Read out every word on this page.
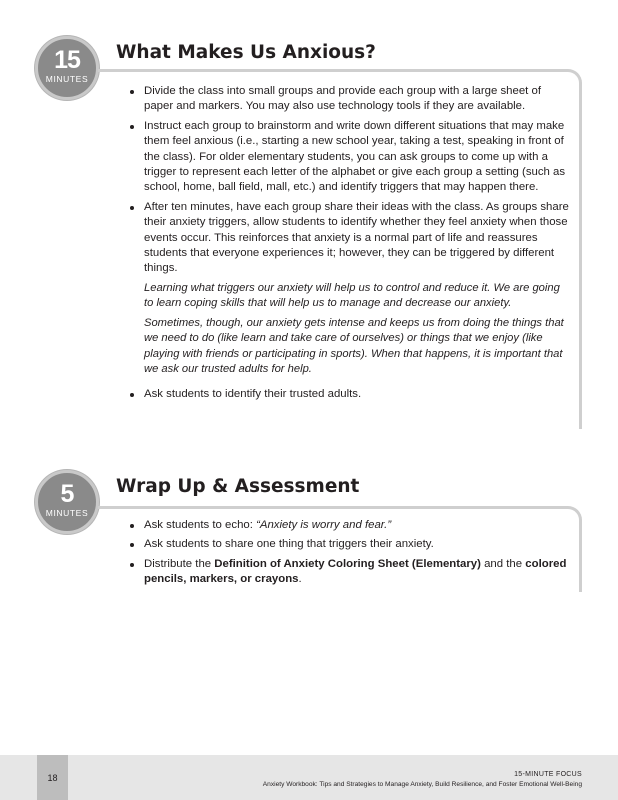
15
MINUTES
What Makes Us Anxious?
Divide the class into small groups and provide each group with a large sheet of paper and markers. You may also use technology tools if they are available.
Instruct each group to brainstorm and write down different situations that may make them feel anxious (i.e., starting a new school year, taking a test, speaking in front of the class). For older elementary students, you can ask groups to come up with a trigger to represent each letter of the alphabet or give each group a setting (such as school, home, ball field, mall, etc.) and identify triggers that may happen there.
After ten minutes, have each group share their ideas with the class. As groups share their anxiety triggers, allow students to identify whether they feel anxiety when those events occur. This reinforces that anxiety is a normal part of life and reassures students that everyone experiences it; however, they can be triggered by different things.

Learning what triggers our anxiety will help us to control and reduce it. We are going to learn coping skills that will help us to manage and decrease our anxiety.

Sometimes, though, our anxiety gets intense and keeps us from doing the things that we need to do (like learn and take care of ourselves) or things that we enjoy (like playing with friends or participating in sports). When that happens, it is important that we ask our trusted adults for help.

Ask students to identify their trusted adults.
5
MINUTES
Wrap Up & Assessment
Ask students to echo: “Anxiety is worry and fear.”
Ask students to share one thing that triggers their anxiety.
Distribute the Definition of Anxiety Coloring Sheet (Elementary) and the colored pencils, markers, or crayons.
18	15-MINUTE FOCUS
Anxiety Workbook: Tips and Strategies to Manage Anxiety, Build Resilience, and Foster Emotional Well-Being
